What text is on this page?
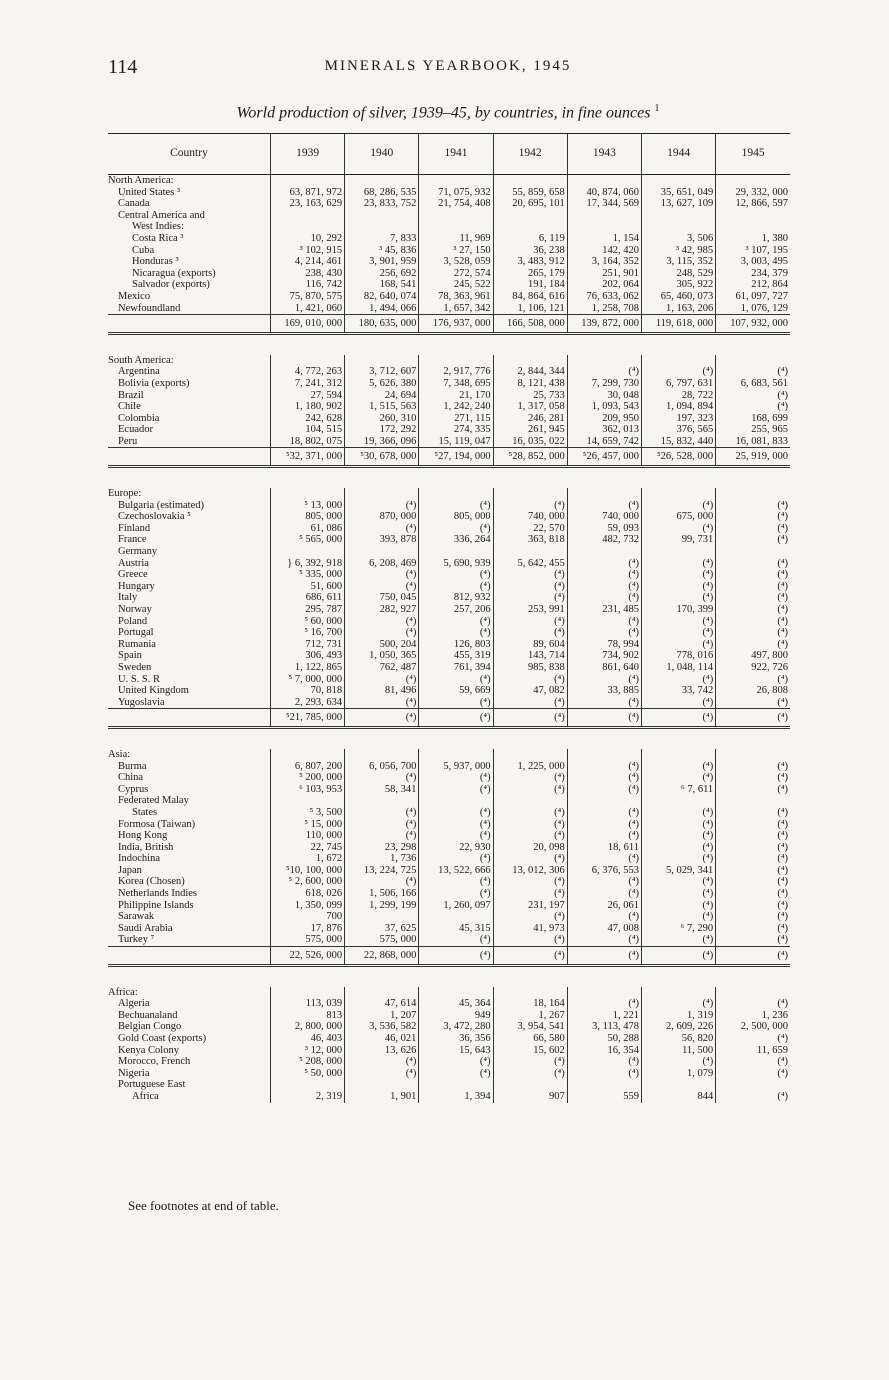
114	MINERALS YEARBOOK, 1945
World production of silver, 1939–45, by countries, in fine ounces $^1$
Country	1939	1940	1941	1942	1943	1944	1945
North America:							
United States ³	63, 871, 972	68, 286, 535	71, 075, 932	55, 859, 658	40, 874, 060	35, 651, 049	29, 332, 000
Canada	23, 163, 629	23, 833, 752	21, 754, 408	20, 695, 101	17, 344, 569	13, 627, 109	12, 866, 597
Central America and							
West Indies:							
Costa Rica ³	10, 292	7, 833	11, 969	6, 119	1, 154	3, 506	1, 380
Cuba	³ 102, 915	³ 45, 836	³ 27, 150	36, 238	142, 420	³ 42, 985	³ 107, 195
Honduras ³	4, 214, 461	3, 901, 959	3, 528, 059	3, 483, 912	3, 164, 352	3, 115, 352	3, 003, 495
Nicaragua (exports)	238, 430	256, 692	272, 574	265, 179	251, 901	248, 529	234, 379
Salvador (exports)	116, 742	168, 541	245, 522	191, 184	202, 064	305, 922	212, 864
Mexico	75, 870, 575	82, 640, 074	78, 363, 961	84, 864, 616	76, 633, 062	65, 460, 073	61, 097, 727
Newfoundland	1, 421, 060	1, 494, 066	1, 657, 342	1, 106, 121	1, 258, 708	1, 163, 206	1, 076, 129
	169, 010, 000	180, 635, 000	176, 937, 000	166, 508, 000	139, 872, 000	119, 618, 000	107, 932, 000

South America:							
Argentina	4, 772, 263	3, 712, 607	2, 917, 776	2, 844, 344	(⁴)	(⁴)	(⁴)
Bolivia (exports)	7, 241, 312	5, 626, 380	7, 348, 695	8, 121, 438	7, 299, 730	6, 797, 631	6, 683, 561
Brazil	27, 594	24, 694	21, 170	25, 733	30, 048	28, 722	(⁴)
Chile	1, 180, 902	1, 515, 563	1, 242, 240	1, 317, 058	1, 093, 543	1, 094, 894	(⁴)
Colombia	242, 628	260, 310	271, 115	246, 281	209, 950	197, 323	168, 699
Ecuador	104, 515	172, 292	274, 335	261, 945	362, 013	376, 565	255, 965
Peru	18, 802, 075	19, 366, 096	15, 119, 047	16, 035, 022	14, 659, 742	15, 832, 440	16, 081, 833
	⁵32, 371, 000	⁵30, 678, 000	⁵27, 194, 000	⁵28, 852, 000	⁵26, 457, 000	⁵26, 528, 000	25, 919, 000

Europe:							
Bulgaria (estimated)	⁵ 13, 000	(⁴)	(⁴)	(⁴)	(⁴)	(⁴)	(⁴)
Czechoslovakia ⁵	805, 000	870, 000	805, 000	740, 000	740, 000	675, 000	(⁴)
Finland	61, 086	(⁴)	(⁴)	22, 570	59, 093	(⁴)	(⁴)
France	⁵ 565, 000	393, 878	336, 264	363, 818	482, 732	99, 731	(⁴)
Germany							
Austria	} 6, 392, 918	6, 208, 469	5, 690, 939	5, 642, 455	(⁴)	(⁴)	(⁴)
Greece	⁵ 335, 000	(⁴)	(⁴)	(⁴)	(⁴)	(⁴)	(⁴)
Hungary	51, 600	(⁴)	(⁴)	(⁴)	(⁴)	(⁴)	(⁴)
Italy	686, 611	750, 045	812, 932	(⁴)	(⁴)	(⁴)	(⁴)
Norway	295, 787	282, 927	257, 206	253, 991	231, 485	170, 399	(⁴)
Poland	⁵ 60, 000	(⁴)	(⁴)	(⁴)	(⁴)	(⁴)	(⁴)
Portugal	⁵ 16, 700	(⁴)	(⁴)	(⁴)	(⁴)	(⁴)	(⁴)
Rumania	712, 731	500, 204	126, 803	89, 604	78, 994	(⁴)	(⁴)
Spain	306, 493	1, 050, 365	455, 319	143, 714	734, 902	778, 016	497, 800
Sweden	1, 122, 865	762, 487	761, 394	985, 838	861, 640	1, 048, 114	922, 726
U. S. S. R	⁵ 7, 000, 000	(⁴)	(⁴)	(⁴)	(⁴)	(⁴)	(⁴)
United Kingdom	70, 818	81, 496	59, 669	47, 082	33, 885	33, 742	26, 808
Yugoslavia	2, 293, 634	(⁴)	(⁴)	(⁴)	(⁴)	(⁴)	(⁴)
	⁵21, 785, 000	(⁴)	(⁴)	(⁴)	(⁴)	(⁴)	(⁴)

Asia:							
Burma	6, 807, 200	6, 056, 700	5, 937, 000	1, 225, 000	(⁴)	(⁴)	(⁴)
China	⁵ 200, 000	(⁴)	(⁴)	(⁴)	(⁴)	(⁴)	(⁴)
Cyprus	⁶ 103, 953	58, 341	(⁴)	(⁴)	(⁴)	⁶ 7, 611	(⁴)
Federated Malay							
States	⁵ 3, 500	(⁴)	(⁴)	(⁴)	(⁴)	(⁴)	(⁴)
Formosa (Taiwan)	⁵ 15, 000	(⁴)	(⁴)	(⁴)	(⁴)	(⁴)	(⁴)
Hong Kong	110, 000	(⁴)	(⁴)	(⁴)	(⁴)	(⁴)	(⁴)
India, British	22, 745	23, 298	22, 930	20, 098	18, 611	(⁴)	(⁴)
Indochina	1, 672	1, 736	(⁴)	(⁴)	(⁴)	(⁴)	(⁴)
Japan	⁵10, 100, 000	13, 224, 725	13, 522, 666	13, 012, 306	6, 376, 553	5, 029, 341	(⁴)
Korea (Chosen)	⁵ 2, 600, 000	(⁴)	(⁴)	(⁴)	(⁴)	(⁴)	(⁴)
Netherlands Indies	618, 026	1, 506, 166	(⁴)	(⁴)	(⁴)	(⁴)	(⁴)
Philippine Islands	1, 350, 099	1, 299, 199	1, 260, 097	231, 197	26, 061	(⁴)	(⁴)
Sarawak	700			(⁴)	(⁴)	(⁴)	(⁴)
Saudi Arabia	17, 876	37, 625	45, 315	41, 973	47, 008	⁶ 7, 290	(⁴)
Turkey ⁷	575, 000	575, 000	(⁴)	(⁴)	(⁴)	(⁴)	(⁴)
	22, 526, 000	22, 868, 000	(⁴)	(⁴)	(⁴)	(⁴)	(⁴)

Africa:							
Algeria	113, 039	47, 614	45, 364	18, 164	(⁴)	(⁴)	(⁴)
Bechuanaland	813	1, 207	949	1, 267	1, 221	1, 319	1, 236
Belgian Congo	2, 800, 000	3, 536, 582	3, 472, 280	3, 954, 541	3, 113, 478	2, 609, 226	2, 500, 000
Gold Coast (exports)	46, 403	46, 021	36, 356	66, 580	50, 288	56, 820	(⁴)
Kenya Colony	³ 12, 000	13, 626	15, 643	15, 602	16, 354	11, 500	11, 659
Morocco, French	⁵ 208, 000	(⁴)	(⁴)	(⁴)	(⁴)	(⁴)	(⁴)
Nigeria	⁵ 50, 000	(⁴)	(⁴)	(⁴)	(⁴)	1, 079	(⁴)
Portuguese East							
Africa	2, 319	1, 901	1, 394	907	559	844	(⁴)
See footnotes at end of table.
